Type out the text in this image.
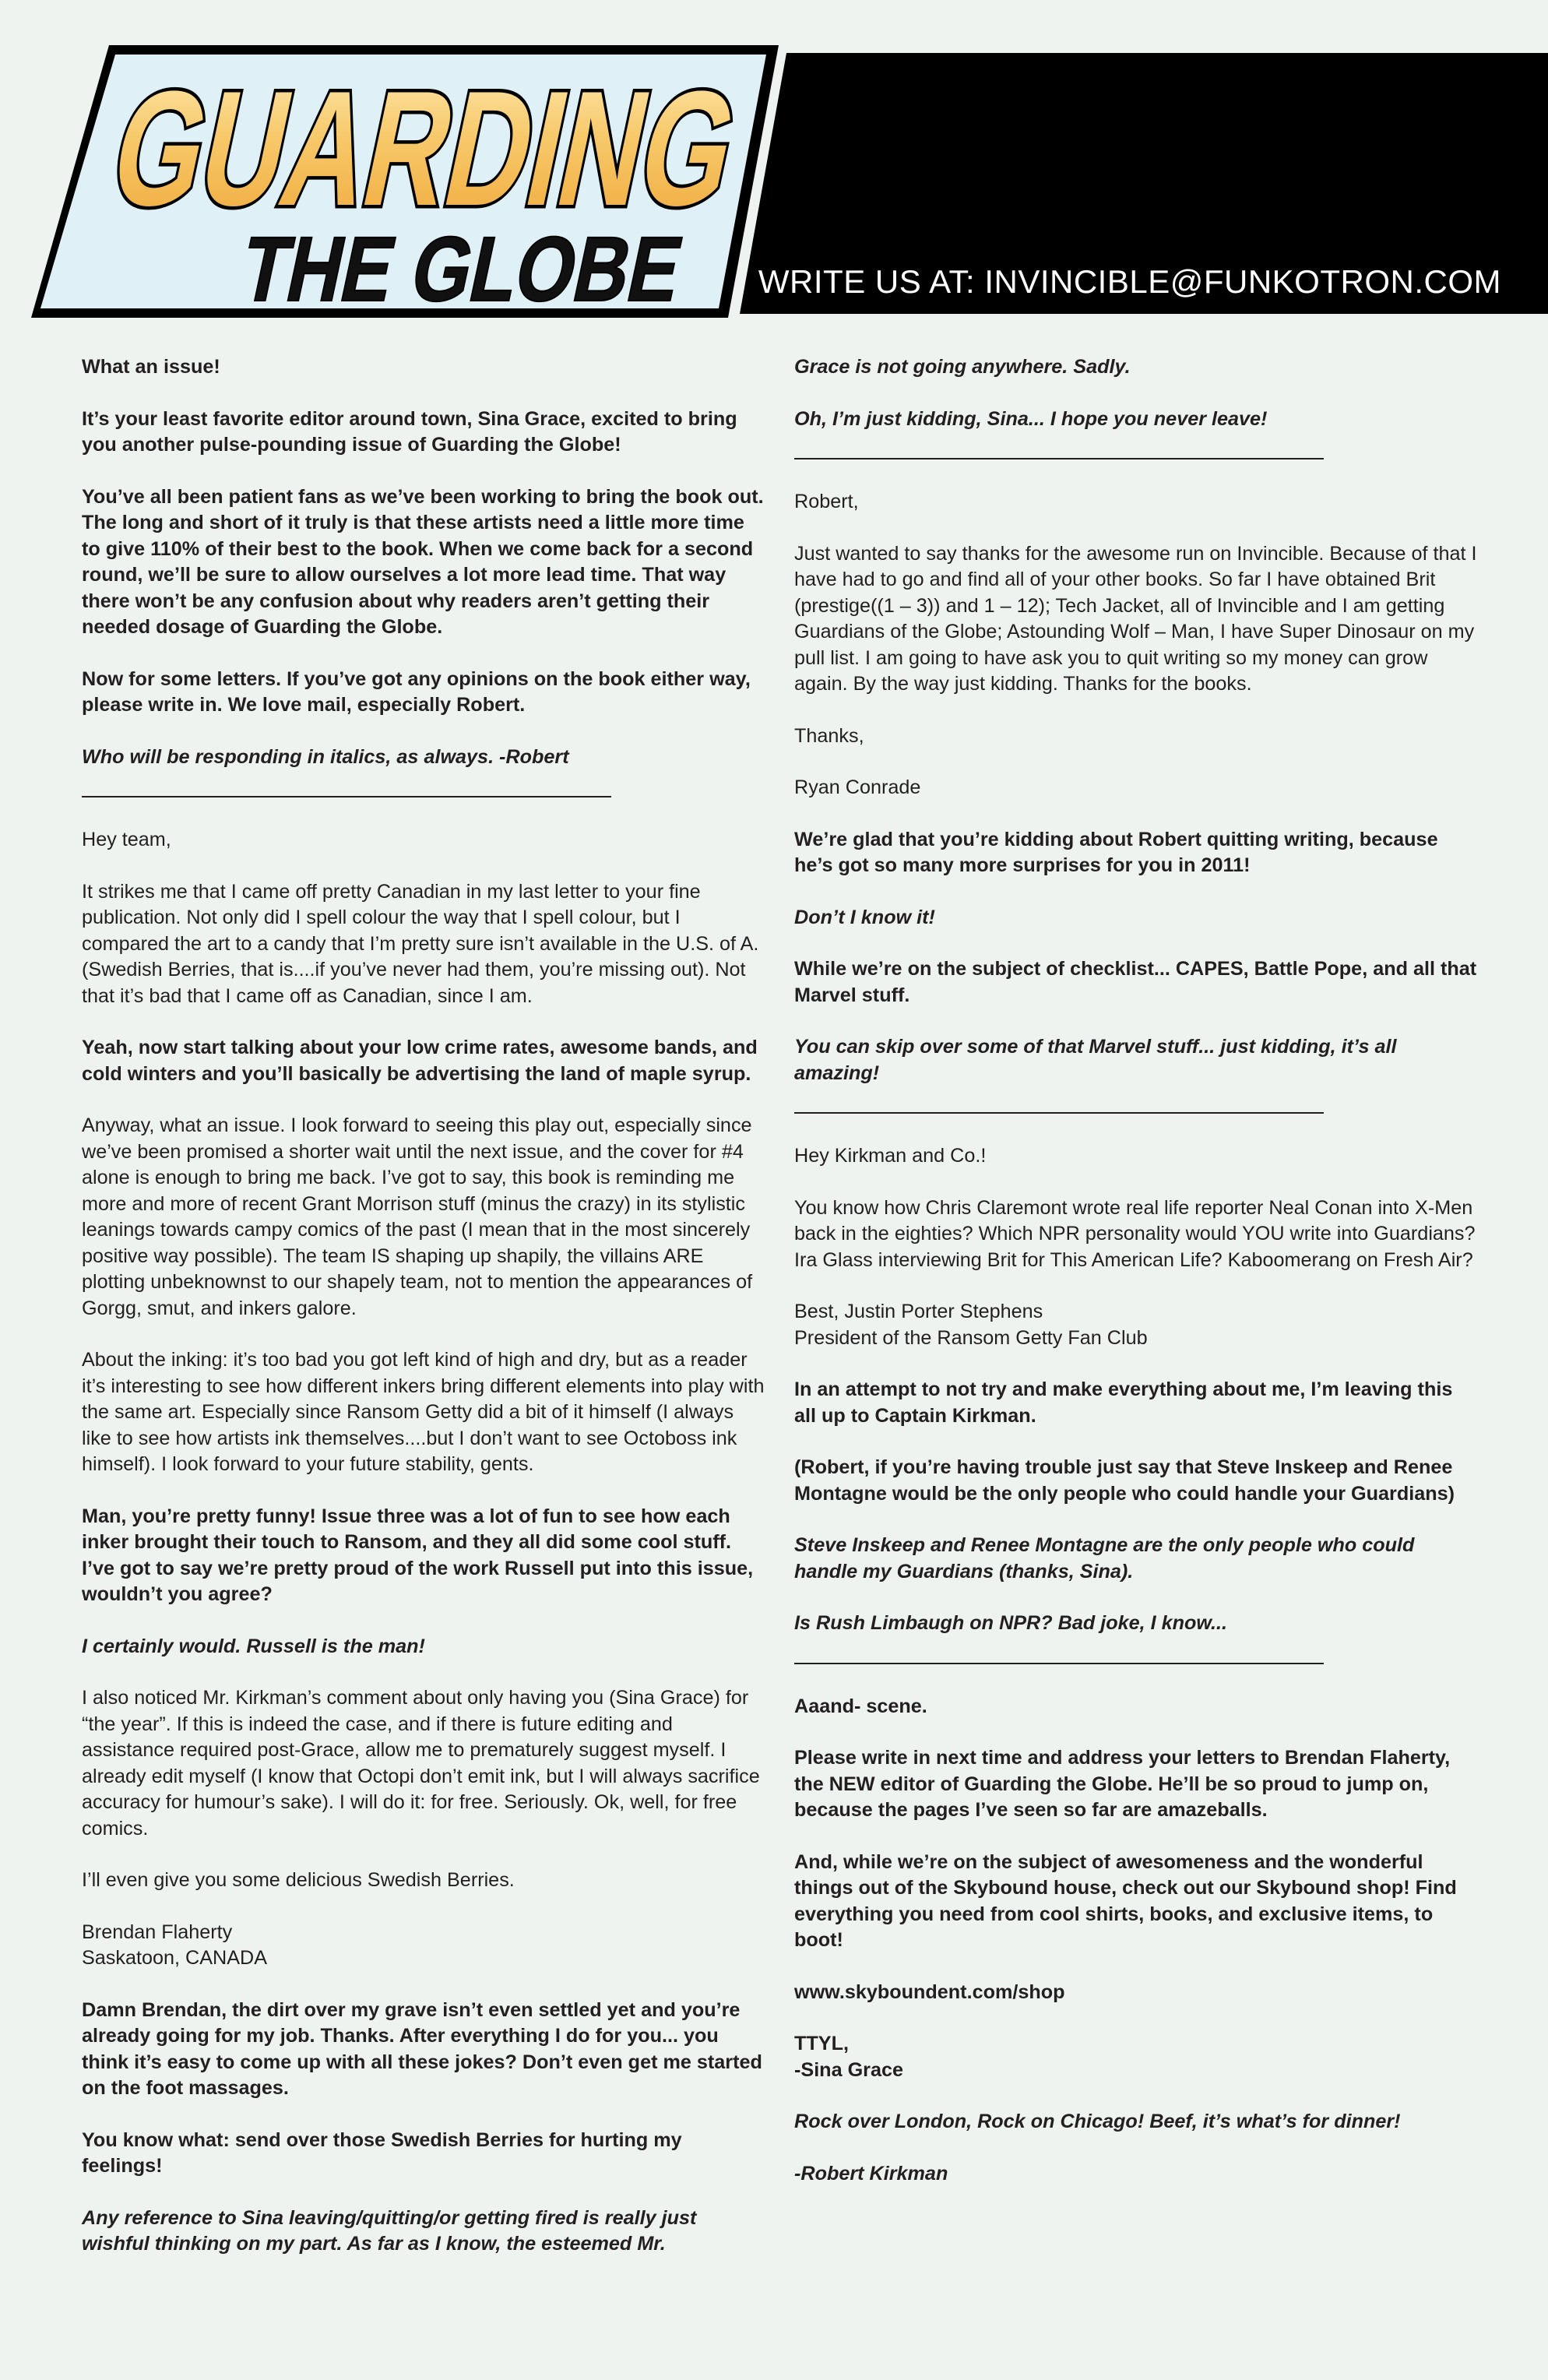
WRITE US AT: INVINCIBLE@FUNKOTRON.COM
GUARDING
THE GLOBE

What an issue!

It’s your least favorite editor around town, Sina Grace, excited to bring you another pulse-pounding issue of Guarding the Globe!

You’ve all been patient fans as we’ve been working to bring the book out. The long and short of it truly is that these artists need a little more time to give 110% of their best to the book. When we come back for a second round, we’ll be sure to allow ourselves a lot more lead time. That way there won’t be any confusion about why readers aren’t getting their needed dosage of Guarding the Globe.

Now for some letters. If you’ve got any opinions on the book either way, please write in. We love mail, especially Robert.

Who will be responding in italics, as always. -Robert

Hey team,

It strikes me that I came off pretty Canadian in my last letter to your fine publication. Not only did I spell colour the way that I spell colour, but I compared the art to a candy that I’m pretty sure isn’t available in the U.S. of A. (Swedish Berries, that is....if you’ve never had them, you’re missing out). Not that it’s bad that I came off as Canadian, since I am.

Yeah, now start talking about your low crime rates, awesome bands, and cold winters and you’ll basically be advertising the land of maple syrup.

Anyway, what an issue. I look forward to seeing this play out, especially since we’ve been promised a shorter wait until the next issue, and the cover for #4 alone is enough to bring me back. I’ve got to say, this book is reminding me more and more of recent Grant Morrison stuff (minus the crazy) in its stylistic leanings towards campy comics of the past (I mean that in the most sincerely positive way possible). The team IS shaping up shapily, the villains ARE plotting unbeknownst to our shapely team, not to mention the appearances of Gorgg, smut, and inkers galore.

About the inking: it’s too bad you got left kind of high and dry, but as a reader it’s interesting to see how different inkers bring different elements into play with the same art. Especially since Ransom Getty did a bit of it himself (I always like to see how artists ink themselves....but I don’t want to see Octoboss ink himself). I look forward to your future stability, gents.

Man, you’re pretty funny! Issue three was a lot of fun to see how each inker brought their touch to Ransom, and they all did some cool stuff. I’ve got to say we’re pretty proud of the work Russell put into this issue, wouldn’t you agree?

I certainly would. Russell is the man!

I also noticed Mr. Kirkman’s comment about only having you (Sina Grace) for “the year”. If this is indeed the case, and if there is future editing and assistance required post-Grace, allow me to prematurely suggest myself. I already edit myself (I know that Octopi don’t emit ink, but I will always sacrifice accuracy for humour’s sake). I will do it: for free. Seriously. Ok, well, for free comics.

I’ll even give you some delicious Swedish Berries.

Brendan Flaherty

Saskatoon, CANADA

Damn Brendan, the dirt over my grave isn’t even settled yet and you’re already going for my job. Thanks. After everything I do for you... you think it’s easy to come up with all these jokes? Don’t even get me started on the foot massages.

You know what: send over those Swedish Berries for hurting my feelings!

Any reference to Sina leaving/quitting/or getting fired is really just wishful thinking on my part. As far as I know, the esteemed Mr.

Grace is not going anywhere. Sadly.

Oh, I’m just kidding, Sina... I hope you never leave!

Robert,

Just wanted to say thanks for the awesome run on Invincible. Because of that I have had to go and find all of your other books. So far I have obtained Brit (prestige((1 – 3)) and 1 – 12); Tech Jacket, all of Invincible and I am getting Guardians of the Globe; Astounding Wolf – Man, I have Super Dinosaur on my pull list. I am going to have ask you to quit writing so my money can grow again. By the way just kidding. Thanks for the books.

Thanks,

Ryan Conrade

We’re glad that you’re kidding about Robert quitting writing, because he’s got so many more surprises for you in 2011!

Don’t I know it!

While we’re on the subject of checklist... CAPES, Battle Pope, and all that Marvel stuff.

You can skip over some of that Marvel stuff... just kidding, it’s all amazing!

Hey Kirkman and Co.!

You know how Chris Claremont wrote real life reporter Neal Conan into X-Men back in the eighties? Which NPR personality would YOU write into Guardians? Ira Glass interviewing Brit for This American Life? Kaboomerang on Fresh Air?

Best, Justin Porter Stephens

President of the Ransom Getty Fan Club

In an attempt to not try and make everything about me, I’m leaving this all up to Captain Kirkman.

(Robert, if you’re having trouble just say that Steve Inskeep and Renee Montagne would be the only people who could handle your Guardians)

Steve Inskeep and Renee Montagne are the only people who could handle my Guardians (thanks, Sina).

Is Rush Limbaugh on NPR? Bad joke, I know...

Aaand- scene.

Please write in next time and address your letters to Brendan Flaherty, the NEW editor of Guarding the Globe. He’ll be so proud to jump on, because the pages I’ve seen so far are amazeballs.

And, while we’re on the subject of awesomeness and the wonderful things out of the Skybound house, check out our Skybound shop! Find everything you need from cool shirts, books, and exclusive items, to boot!

www.skyboundent.com/shop

TTYL,

-Sina Grace

Rock over London, Rock on Chicago! Beef, it’s what’s for dinner!

-Robert Kirkman
